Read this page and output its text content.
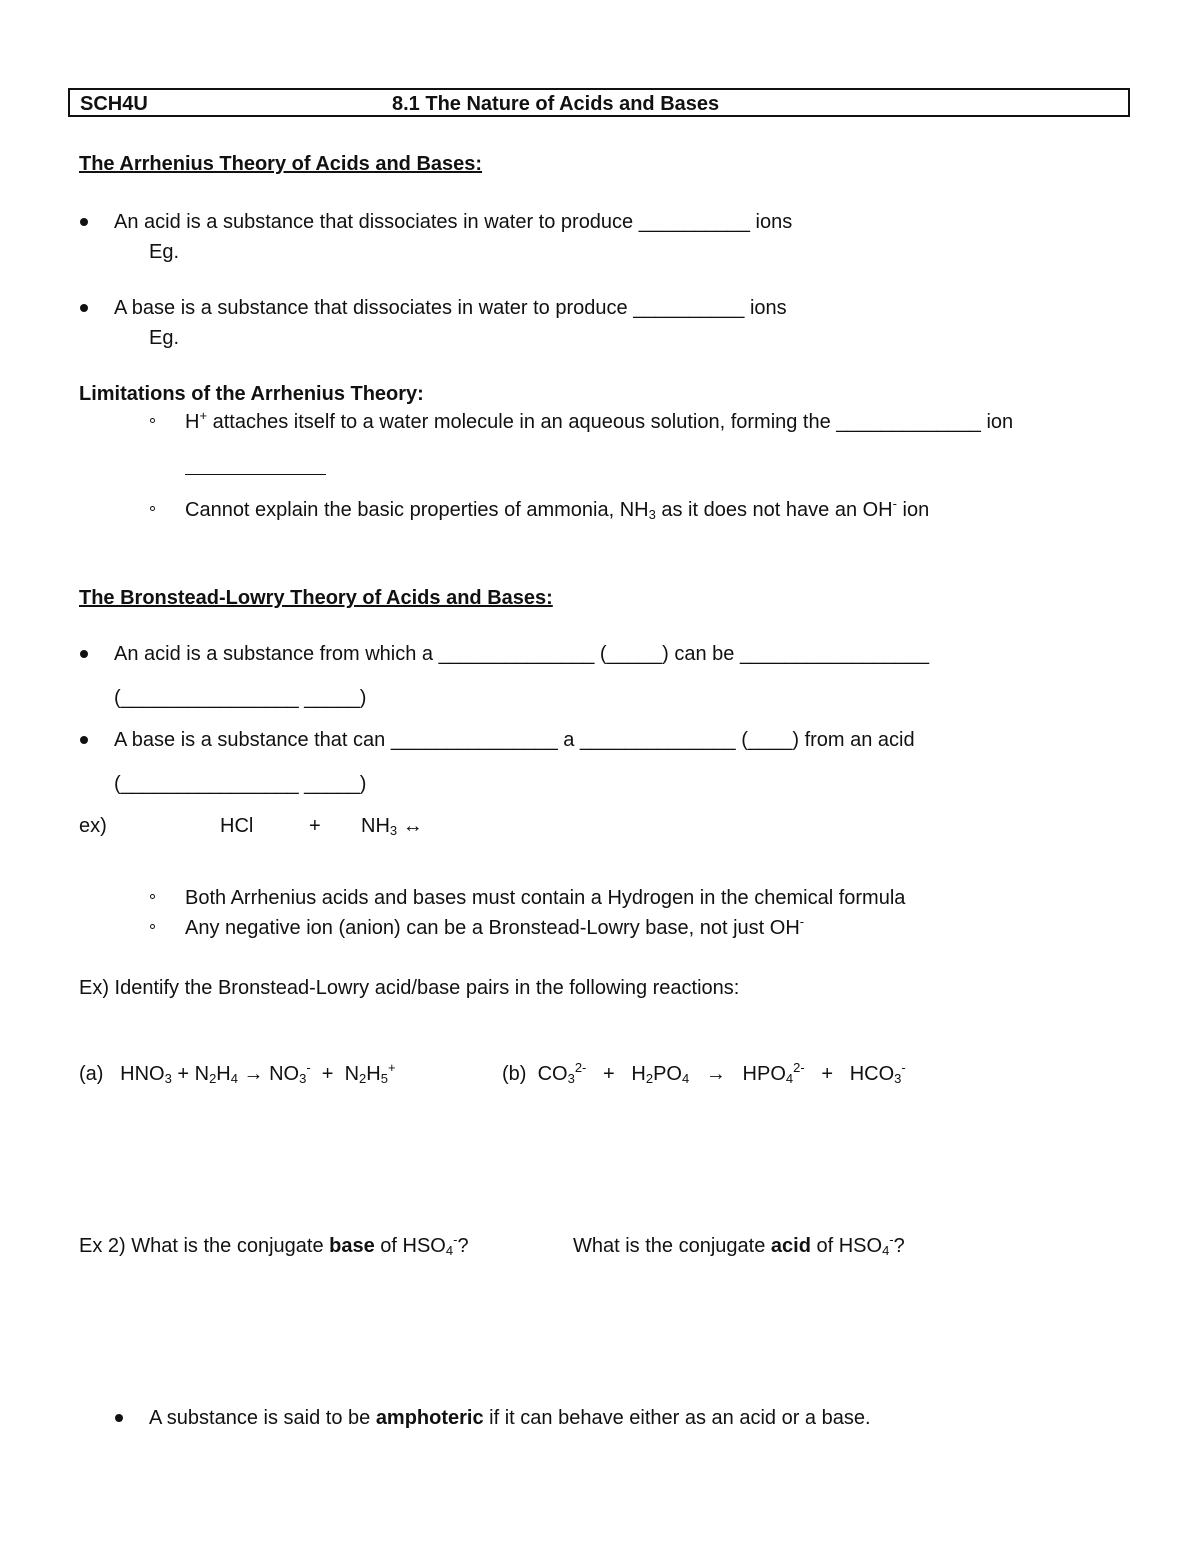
SCH4U	8.1 The Nature of Acids and Bases
The Arrhenius Theory of Acids and Bases:
An acid is a substance that dissociates in water to produce __________ ions
Eg.
A base is a substance that dissociates in water to produce __________ ions
Eg.
Limitations of the Arrhenius Theory:
H+ attaches itself to a water molecule in an aqueous solution, forming the _____________ ion
Cannot explain the basic properties of ammonia, $NH_3$ as it does not have an OH- ion
The Bronstead-Lowry Theory of Acids and Bases:
An acid is a substance from which a ______________ (_____) can be _________________
(________________ _____)
A base is a substance that can _______________ a ______________ (____) from an acid
(________________ _____)
ex)	HCl	+ $NH_3$ ↔
Both Arrhenius acids and bases must contain a Hydrogen in the chemical formula
Any negative ion (anion) can be a Bronstead-Lowry base, not just OH-
Ex) Identify the Bronstead-Lowry acid/base pairs in the following reactions:
(a)   $HNO_3 + N_2H_4 \to NO_3^- + N_2H_5^+$	(b)  $CO_3^{2-} + H_2PO_4 \to HPO_4^{2-} + HCO_3^-$
Ex 2) What is the conjugate base of $HSO_4^-$?	What is the conjugate acid of $HSO_4^-$?
A substance is said to be amphoteric if it can behave either as an acid or a base.
